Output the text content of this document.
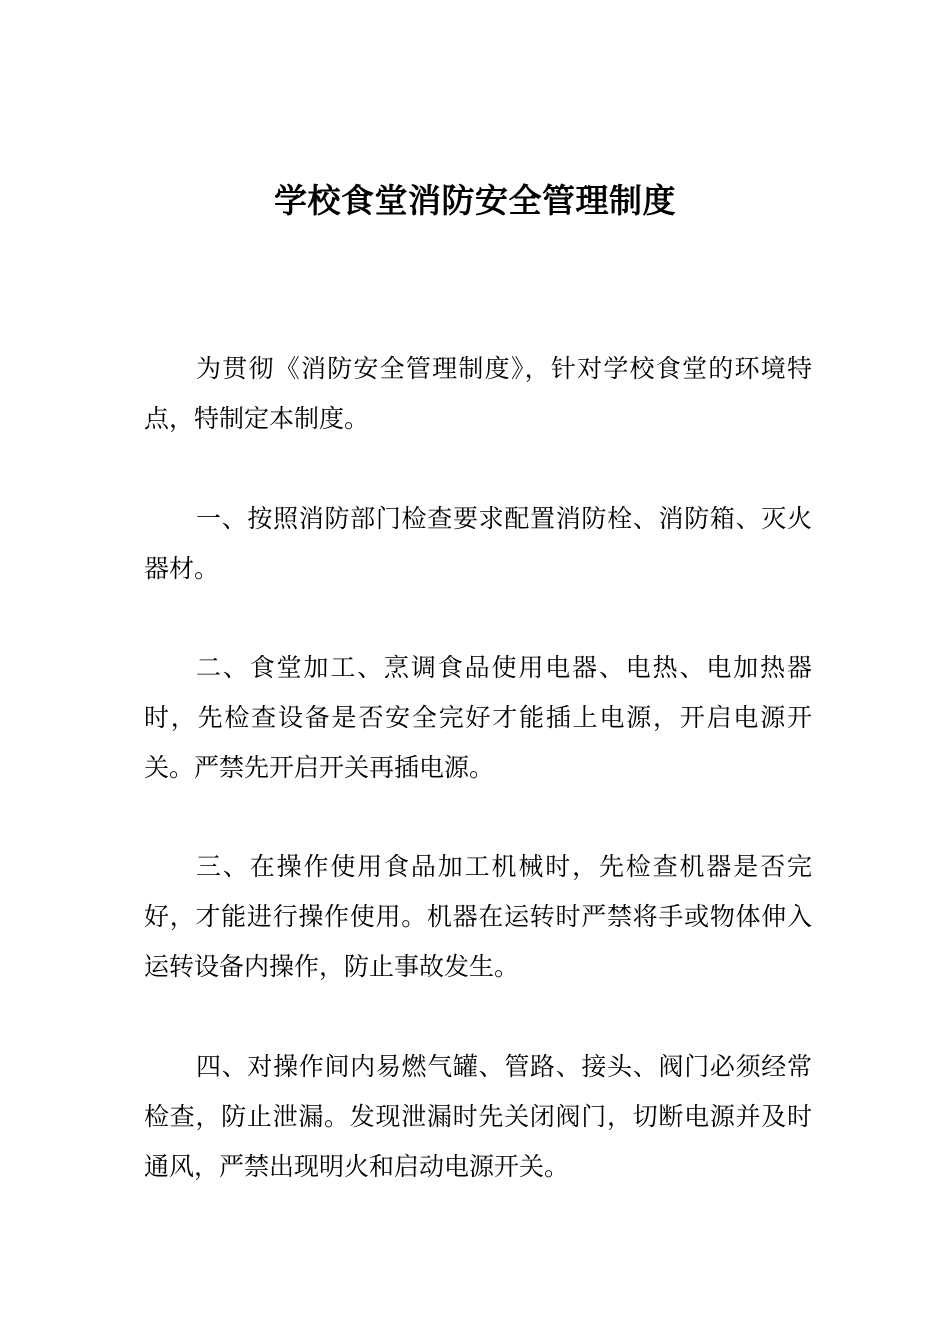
学校食堂消防安全管理制度

为贯彻《消防安全管理制度》，针对学校食堂的环境特点，特制定本制度。

一、按照消防部门检查要求配置消防栓、消防箱、灭火器材。

二、食堂加工、烹调食品使用电器、电热、电加热器时，先检查设备是否安全完好才能插上电源，开启电源开关。严禁先开启开关再插电源。

三、在操作使用食品加工机械时，先检查机器是否完好，才能进行操作使用。机器在运转时严禁将手或物体伸入运转设备内操作，防止事故发生。

四、对操作间内易燃气罐、管路、接头、阀门必须经常检查，防止泄漏。发现泄漏时先关闭阀门，切断电源并及时通风，严禁出现明火和启动电源开关。
